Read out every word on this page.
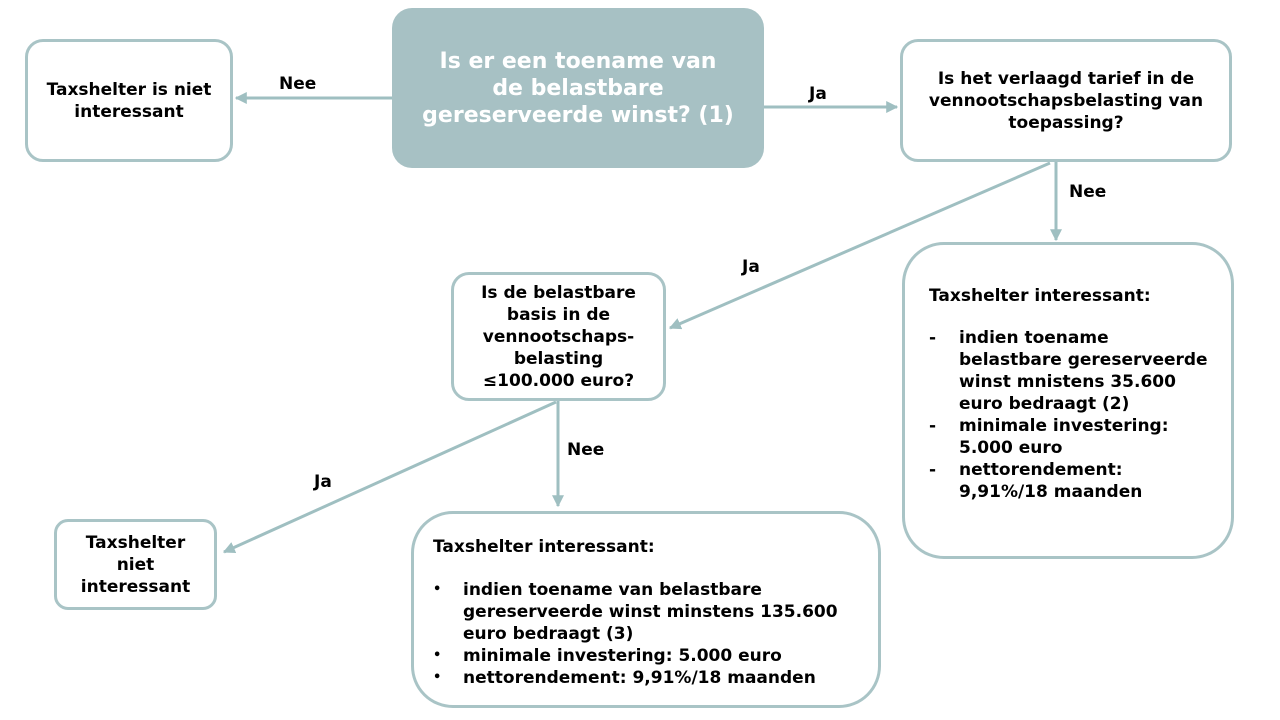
Is er een toename van de belastbare gereserveerde winst? (1)
Taxshelter is niet interessant
Is het verlaagd tarief in de vennootschapsbelasting van toepassing?
Is de belastbare basis in de vennootschaps-belasting ≤100.000 euro?
Taxshelter niet interessant
Taxshelter interessant:
-	indien toename belastbare gereserveerde winst mnistens 35.600 euro bedraagt (2)
-	minimale investering: 5.000 euro
-	nettorendement: 9,91%/18 maanden
Taxshelter interessant:
•	indien toename van belastbare gereserveerde winst minstens 135.600 euro bedraagt (3)
•	minimale investering: 5.000 euro
•	nettorendement: 9,91%/18 maanden
Nee	Ja
Nee
Ja
Nee
Ja
